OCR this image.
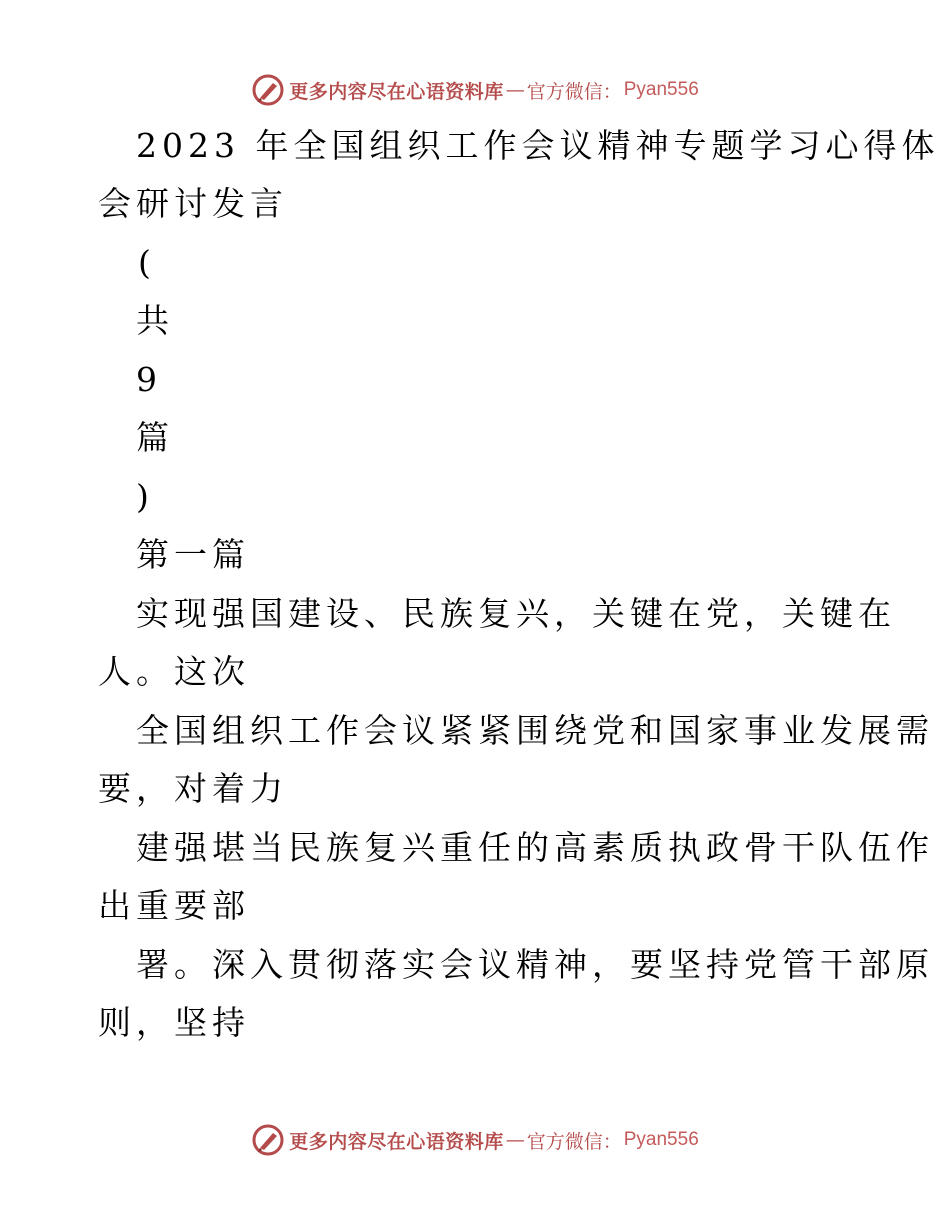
更多内容尽在心语资料库 — 官方微信： Pyan556

2023 年全国组织工作会议精神专题学习心得体

会研讨发言

(

共

9

篇

)

第一篇

实现强国建设、民族复兴，关键在党，关键在

人。这次

全国组织工作会议紧紧围绕党和国家事业发展需

要，对着力

建强堪当民族复兴重任的高素质执政骨干队伍作

出重要部

署。深入贯彻落实会议精神，要坚持党管干部原

则，坚持

更多内容尽在心语资料库 — 官方微信： Pyan556
